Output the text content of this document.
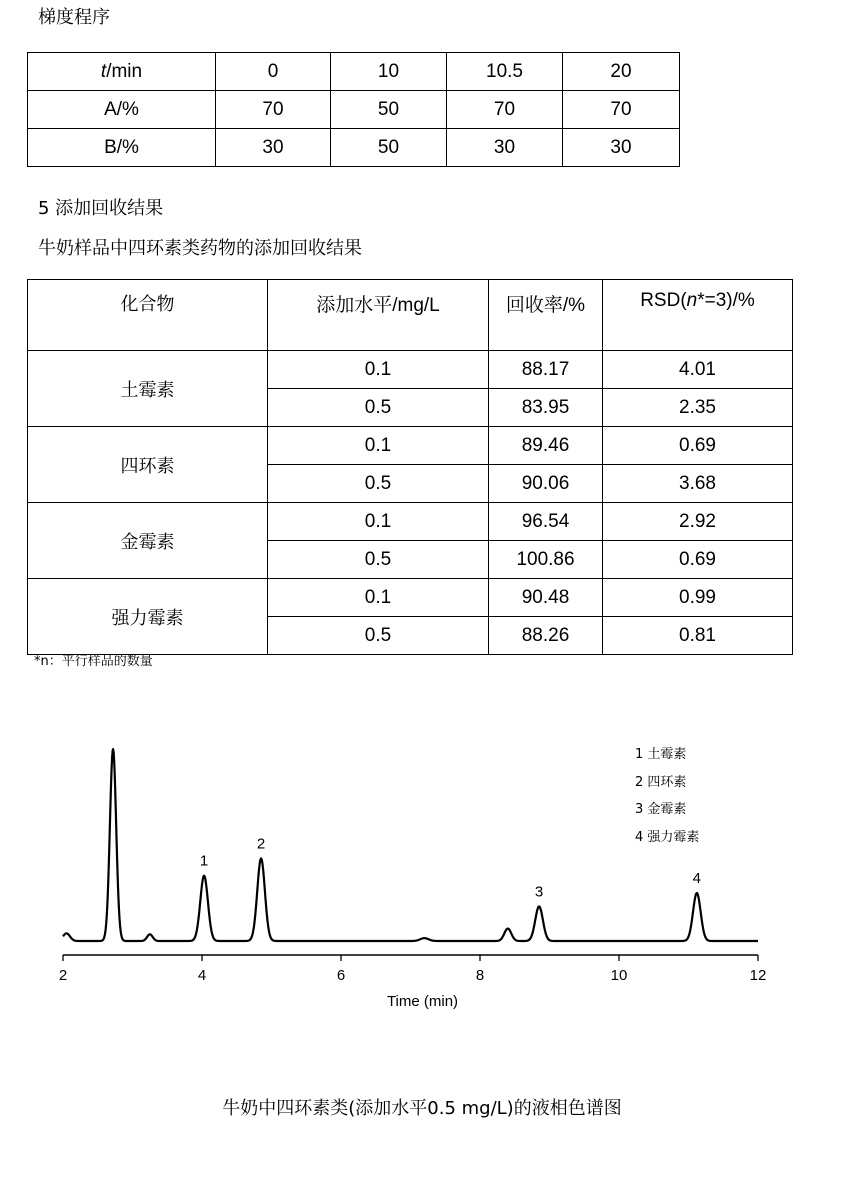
梯度程序
t/min	0	10	10.5	20
A/%	70	50	70	70
B/%	30	50	30	30
5 添加回收结果
牛奶样品中四环素类药物的添加回收结果
化合物	添加水平/mg/L	回收率/%	RSD(n*=3)/%
土霉素	0.1	88.17	4.01
	0.5	83.95	2.35
四环素	0.1	89.46	0.69
	0.5	90.06	3.68
金霉素	0.1	96.54	2.92
	0.5	100.86	0.69
强力霉素	0.1	90.48	0.99
	0.5	88.26	0.81
*n：平行样品的数量
2	4	6	8	10	12
Time (min)
1
2
3
4
1 土霉素
2 四环素
3 金霉素
4 强力霉素
牛奶中四环素类(添加水平0.5 mg/L)的液相色谱图
